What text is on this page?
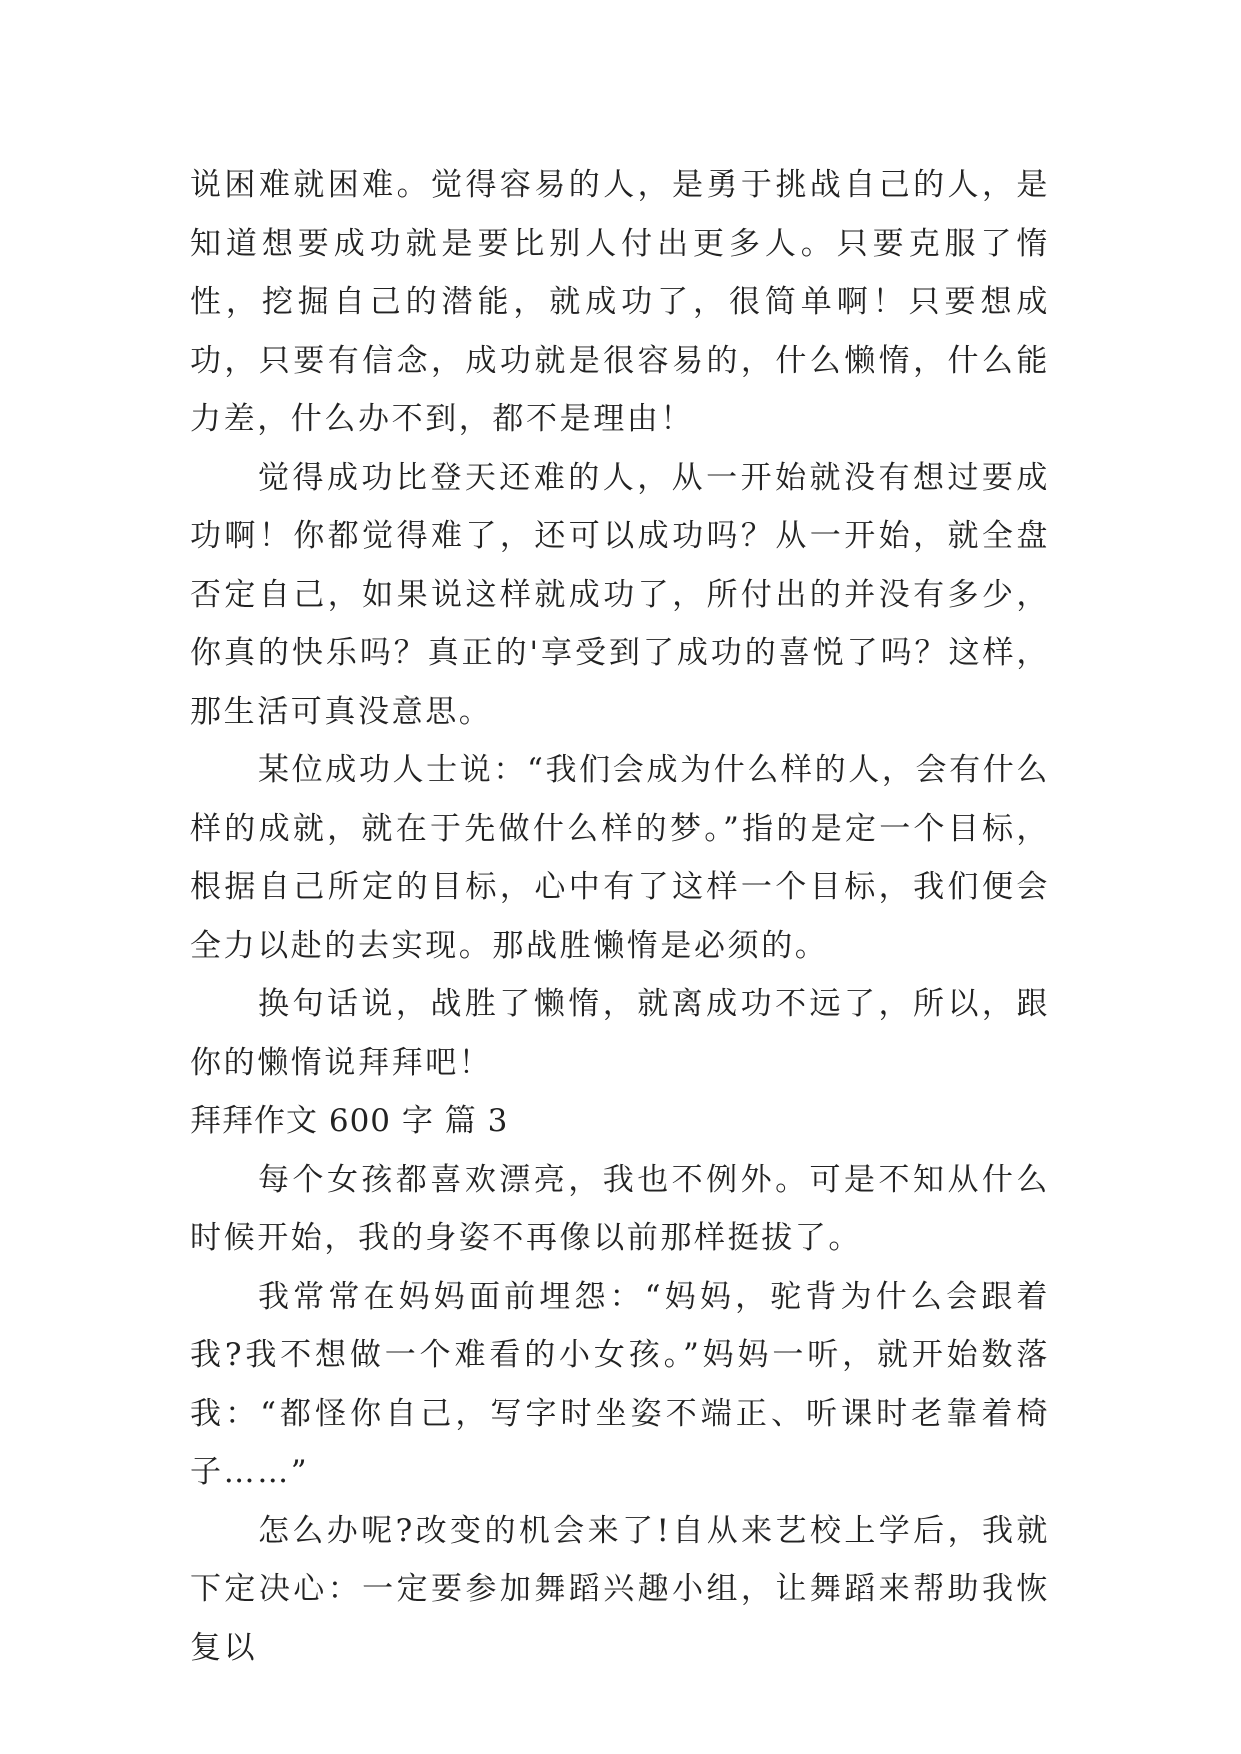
说困难就困难。觉得容易的人，是勇于挑战自己的人，是知道想要成功就是要比别人付出更多人。只要克服了惰性，挖掘自己的潜能，就成功了，很简单啊！只要想成功，只要有信念，成功就是很容易的，什么懒惰，什么能力差，什么办不到，都不是理由！

觉得成功比登天还难的人，从一开始就没有想过要成功啊！你都觉得难了，还可以成功吗？从一开始，就全盘否定自己，如果说这样就成功了，所付出的并没有多少，你真的快乐吗？真正的'享受到了成功的喜悦了吗？这样，那生活可真没意思。

某位成功人士说：“我们会成为什么样的人，会有什么样的成就，就在于先做什么样的梦。”指的是定一个目标，根据自己所定的目标，心中有了这样一个目标，我们便会全力以赴的去实现。那战胜懒惰是必须的。

换句话说，战胜了懒惰，就离成功不远了，所以，跟你的懒惰说拜拜吧！

拜拜作文 600 字 篇 3

每个女孩都喜欢漂亮，我也不例外。可是不知从什么时候开始，我的身姿不再像以前那样挺拔了。

我常常在妈妈面前埋怨：“妈妈，驼背为什么会跟着我?我不想做一个难看的小女孩。”妈妈一听，就开始数落我：“都怪你自己，写字时坐姿不端正、听课时老靠着椅子……”

怎么办呢?改变的机会来了!自从来艺校上学后，我就下定决心：一定要参加舞蹈兴趣小组，让舞蹈来帮助我恢复以
